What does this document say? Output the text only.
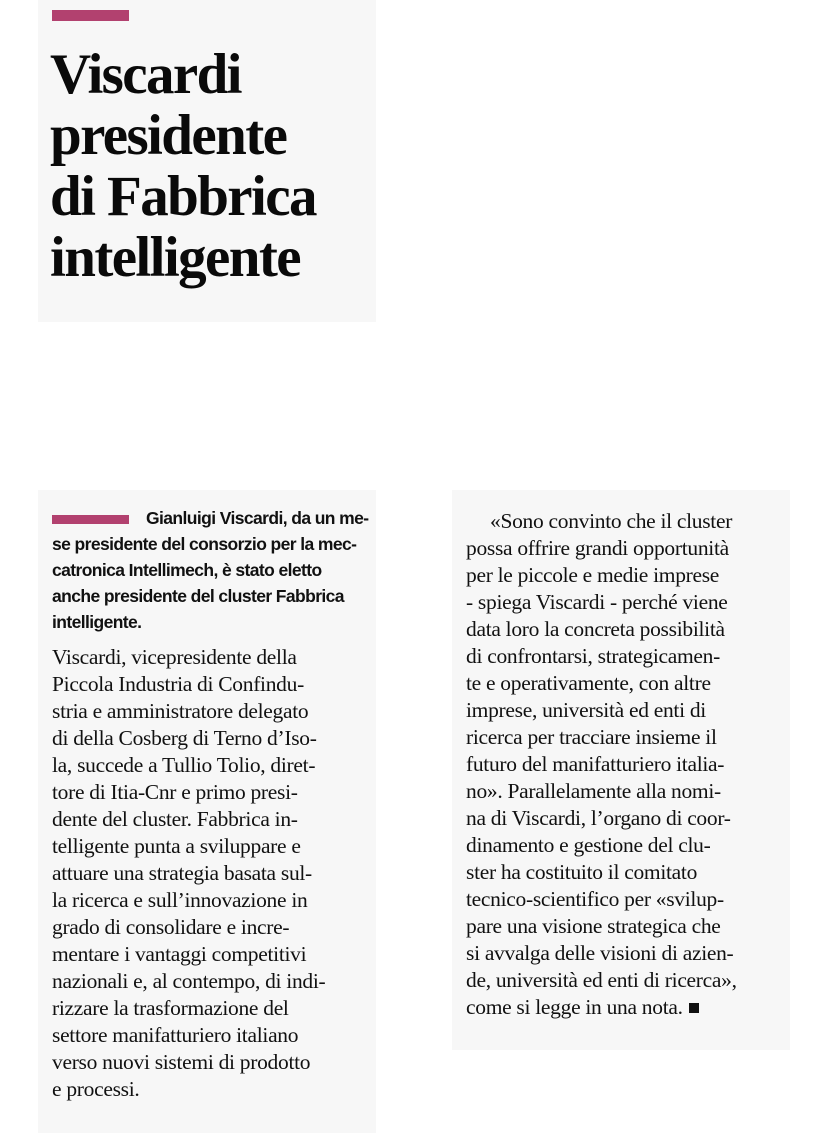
Viscardi
presidente
di Fabbrica
intelligente
Gianluigi Viscardi, da un me-
se presidente del consorzio per la mec-
catronica Intellimech, è stato eletto
anche presidente del cluster Fabbrica
intelligente.
Viscardi, vicepresidente della
Piccola Industria di Confindu-
stria e amministratore delegato
di della Cosberg di Terno d’Iso-
la, succede a Tullio Tolio, diret-
tore di Itia-Cnr e primo presi-
dente del cluster. Fabbrica in-
telligente punta a sviluppare e
attuare una strategia basata sul-
la ricerca e sull’innovazione in
grado di consolidare e incre-
mentare i vantaggi competitivi
nazionali e, al contempo, di indi-
rizzare la trasformazione del
settore manifatturiero italiano
verso nuovi sistemi di prodotto
e processi.
«Sono convinto che il cluster
possa offrire grandi opportunità
per le piccole e medie imprese
- spiega Viscardi - perché viene
data loro la concreta possibilità
di confrontarsi, strategicamen-
te e operativamente, con altre
imprese, università ed enti di
ricerca per tracciare insieme il
futuro del manifatturiero italia-
no». Parallelamente alla nomi-
na di Viscardi, l’organo di coor-
dinamento e gestione del clu-
ster ha costituito il comitato
tecnico-scientifico per «svilup-
pare una visione strategica che
si avvalga delle visioni di azien-
de, università ed enti di ricerca»,
come si legge in una nota.
